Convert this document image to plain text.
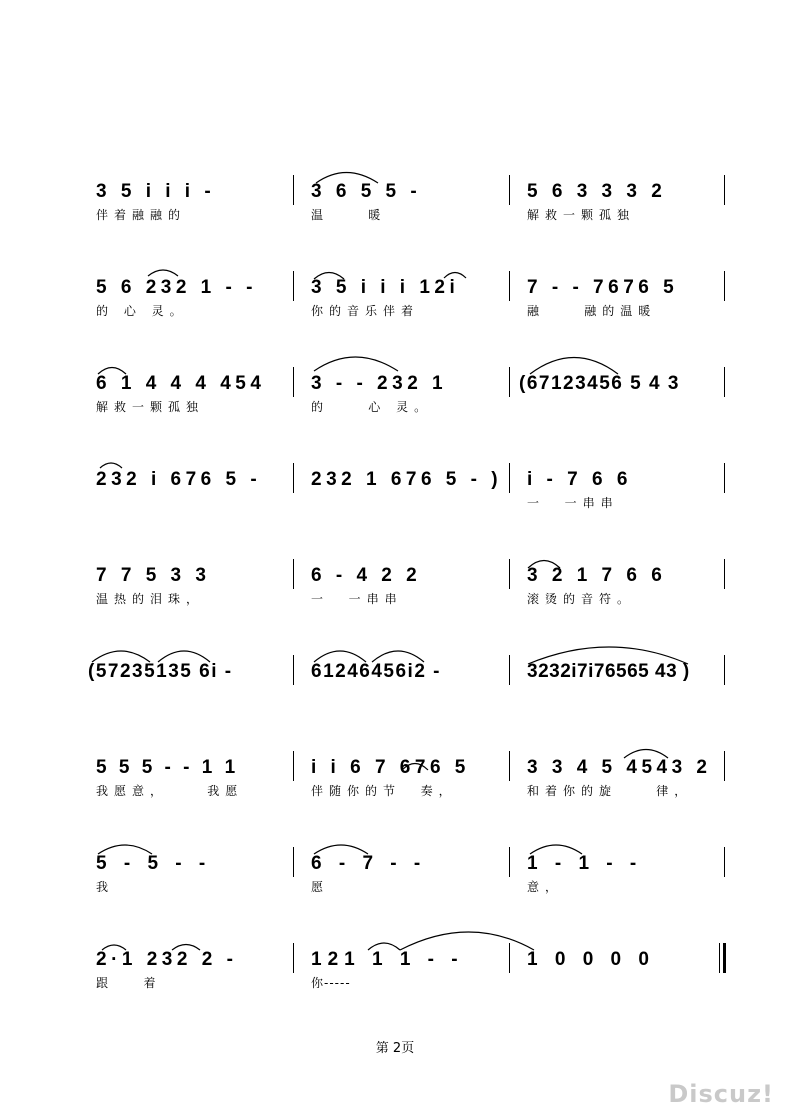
3 5 i i i -
伴着融融的
3 6 5 5 -
温    暖
5 6 3 3 3 2
解救一颗孤独
5 6 232 1 - -
的 心 灵。
3 5 i i i 12i
你的音乐伴着
7 - - 7676 5
融    融的温暖
6 1 4 4 4 454
解救一颗孤独
3 - - 232 1
的    心 灵。
(67123456 5 4 3
232 i 676 5 -	232 1 676 5 - ) i - 7 6 6
一  一串串
7 7 5 3 3
温热的泪珠，
6 - 4 2 2
一  一串串
3 2 1 7 6 6
滚烫的音符。
(57235135 6i -	61246456i2 -	3232i7i76565 43 )
5 5 5 - - 1 1
我愿意，    我愿
i i 6 7 676 5
伴随你的节  奏，
3 3 4 5 4543 2
和着你的旋    律，
5 - 5 - -
我
6 - 7 - -
愿
1 - 1 - -
意，
2·1 232 2 -
跟   着
121 1 1 - -
你-----
1 0 0 0 0
第 2页
Discuz!
